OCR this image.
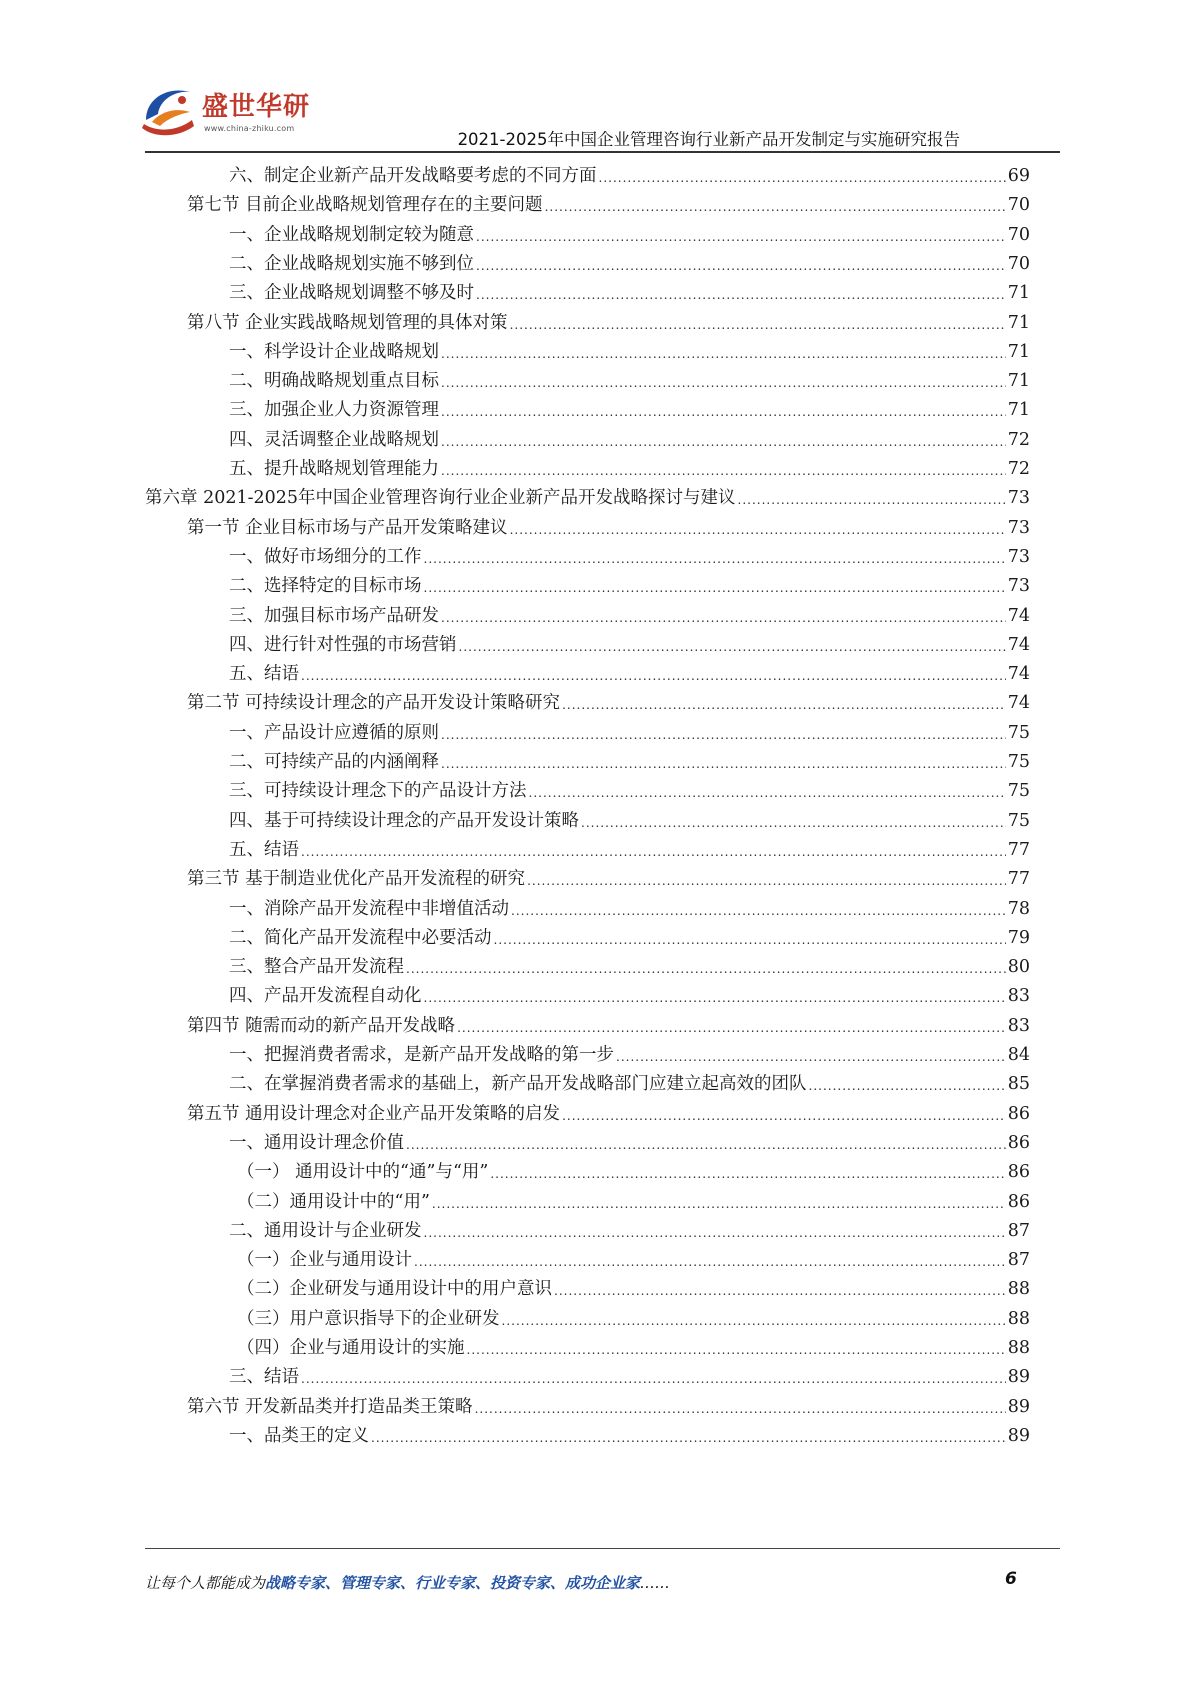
盛世华研
www.china-zhiku.com
2021-2025年中国企业管理咨询行业新产品开发制定与实施研究报告
六、制定企业新产品开发战略要考虑的不同方面 .....	69
第七节 目前企业战略规划管理存在的主要问题 .....	70
一、企业战略规划制定较为随意 .....	70
二、企业战略规划实施不够到位 .....	70
三、企业战略规划调整不够及时 .....	71
第八节 企业实践战略规划管理的具体对策 .....	71
一、科学设计企业战略规划 .....	71
二、明确战略规划重点目标 .....	71
三、加强企业人力资源管理 .....	71
四、灵活调整企业战略规划 .....	72
五、提升战略规划管理能力 .....	72
第六章 2021-2025年中国企业管理咨询行业企业新产品开发战略探讨与建议 .....	73
第一节 企业目标市场与产品开发策略建议 .....	73
一、做好市场细分的工作 .....	73
二、选择特定的目标市场 .....	73
三、加强目标市场产品研发 .....	74
四、进行针对性强的市场营销 .....	74
五、结语 .....	74
第二节 可持续设计理念的产品开发设计策略研究 .....	74
一、产品设计应遵循的原则 .....	75
二、可持续产品的内涵阐释 .....	75
三、可持续设计理念下的产品设计方法 .....	75
四、基于可持续设计理念的产品开发设计策略 .....	75
五、结语 .....	77
第三节 基于制造业优化产品开发流程的研究 .....	77
一、消除产品开发流程中非增值活动 .....	78
二、简化产品开发流程中必要活动 .....	79
三、整合产品开发流程 .....	80
四、产品开发流程自动化 .....	83
第四节 随需而动的新产品开发战略 .....	83
一、把握消费者需求，是新产品开发战略的第一步 .....	84
二、在掌握消费者需求的基础上，新产品开发战略部门应建立起高效的团队 .....	85
第五节 通用设计理念对企业产品开发策略的启发 .....	86
一、通用设计理念价值 .....	86
（一） 通用设计中的“通”与“用” .....	86
（二）通用设计中的“用” .....	86
二、通用设计与企业研发 .....	87
（一）企业与通用设计 .....	87
（二）企业研发与通用设计中的用户意识 .....	88
（三）用户意识指导下的企业研发 .....	88
（四）企业与通用设计的实施 .....	88
三、结语 .....	89
第六节 开发新品类并打造品类王策略 .....	89
一、品类王的定义 .....	89
让每个人都能成为战略专家、管理专家、行业专家、投资专家、成功企业家……	6
